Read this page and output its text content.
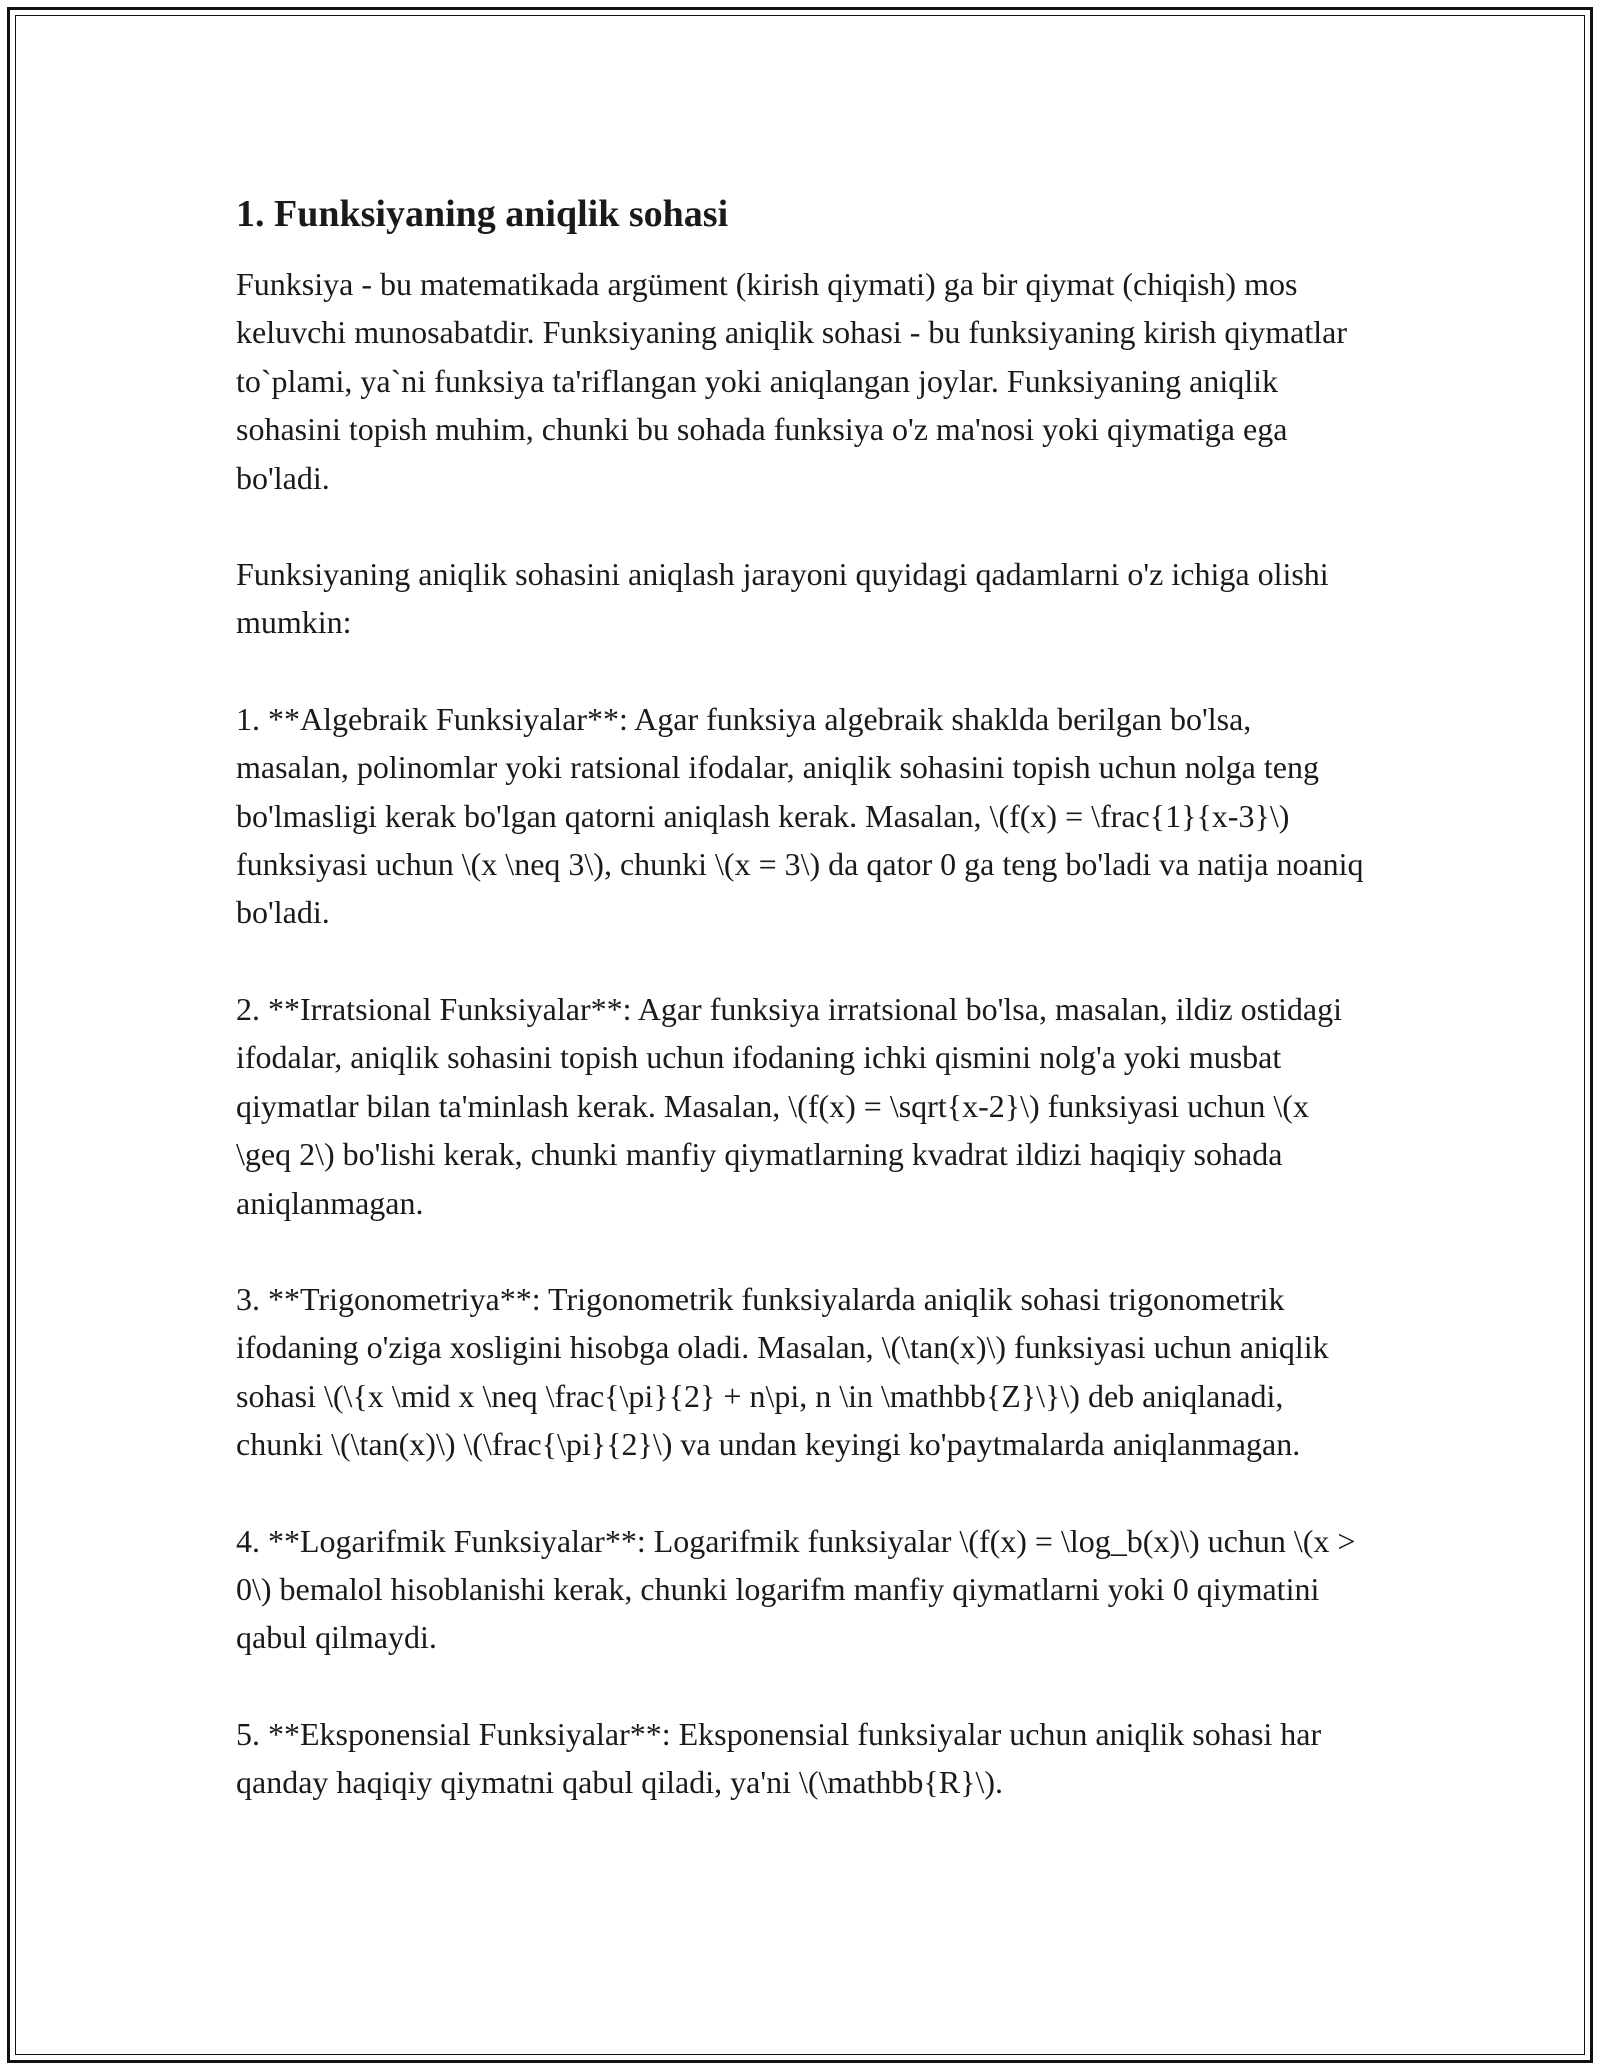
1. Funksiyaning aniqlik sohasi

Funksiya - bu matematikada argüment (kirish qiymati) ga bir qiymat (chiqish) mos keluvchi munosabatdir. Funksiyaning aniqlik sohasi - bu funksiyaning kirish qiymatlar to`plami, ya`ni funksiya ta'riflangan yoki aniqlangan joylar. Funksiyaning aniqlik sohasini topish muhim, chunki bu sohada funksiya o'z ma'nosi yoki qiymatiga ega bo'ladi.

Funksiyaning aniqlik sohasini aniqlash jarayoni quyidagi qadamlarni o'z ichiga olishi mumkin:

1. **Algebraik Funksiyalar**: Agar funksiya algebraik shaklda berilgan bo'lsa, masalan, polinomlar yoki ratsional ifodalar, aniqlik sohasini topish uchun nolga teng bo'lmasligi kerak bo'lgan qatorni aniqlash kerak. Masalan, \(f(x) = \frac{1}{x-3}\) funksiyasi uchun \(x \neq 3\), chunki \(x = 3\) da qator 0 ga teng bo'ladi va natija noaniq bo'ladi.

2. **Irratsional Funksiyalar**: Agar funksiya irratsional bo'lsa, masalan, ildiz ostidagi ifodalar, aniqlik sohasini topish uchun ifodaning ichki qismini nolg'a yoki musbat qiymatlar bilan ta'minlash kerak. Masalan, \(f(x) = \sqrt{x-2}\) funksiyasi uchun \(x \geq 2\) bo'lishi kerak, chunki manfiy qiymatlarning kvadrat ildizi haqiqiy sohada aniqlanmagan.

3. **Trigonometriya**: Trigonometrik funksiyalarda aniqlik sohasi trigonometrik ifodaning o'ziga xosligini hisobga oladi. Masalan, \(\tan(x)\) funksiyasi uchun aniqlik sohasi \(\{x \mid x \neq \frac{\pi}{2} + n\pi, n \in \mathbb{Z}\}\) deb aniqlanadi, chunki \(\tan(x)\) \(\frac{\pi}{2}\) va undan keyingi ko'paytmalarda aniqlanmagan.

4. **Logarifmik Funksiyalar**: Logarifmik funksiyalar \(f(x) = \log_b(x)\) uchun \(x > 0\) bemalol hisoblanishi kerak, chunki logarifm manfiy qiymatlarni yoki 0 qiymatini qabul qilmaydi.

5. **Eksponensial Funksiyalar**: Eksponensial funksiyalar uchun aniqlik sohasi har qanday haqiqiy qiymatni qabul qiladi, ya'ni \(\mathbb{R}\).
